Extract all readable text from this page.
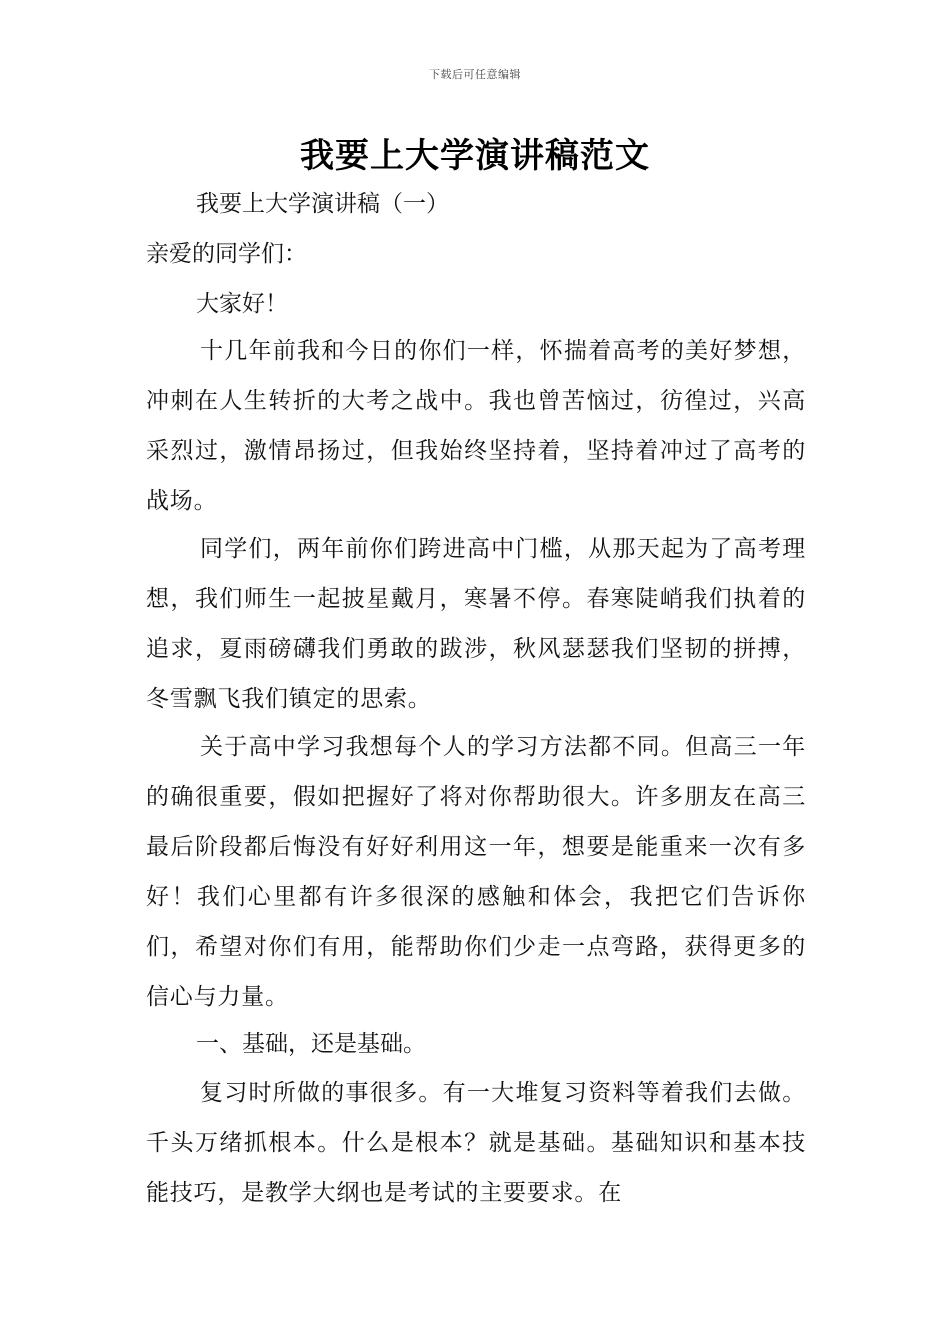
下载后可任意编辑
我要上大学演讲稿范文
我要上大学演讲稿（一）
亲爱的同学们：
大家好！

十几年前我和今日的你们一样，怀揣着高考的美好梦想，冲刺在人生转折的大考之战中。我也曾苦恼过，彷徨过，兴高采烈过，激情昂扬过，但我始终坚持着，坚持着冲过了高考的战场。

同学们，两年前你们跨进高中门槛，从那天起为了高考理想，我们师生一起披星戴月，寒暑不停。春寒陡峭我们执着的追求，夏雨磅礴我们勇敢的跋涉，秋风瑟瑟我们坚韧的拼搏，冬雪飘飞我们镇定的思索。

关于高中学习我想每个人的学习方法都不同。但高三一年的确很重要，假如把握好了将对你帮助很大。许多朋友在高三最后阶段都后悔没有好好利用这一年，想要是能重来一次有多好！我们心里都有许多很深的感触和体会，我把它们告诉你们，希望对你们有用，能帮助你们少走一点弯路，获得更多的信心与力量。

一、基础，还是基础。

复习时所做的事很多。有一大堆复习资料等着我们去做。千头万绪抓根本。什么是根本？就是基础。基础知识和基本技能技巧，是教学大纲也是考试的主要要求。在
